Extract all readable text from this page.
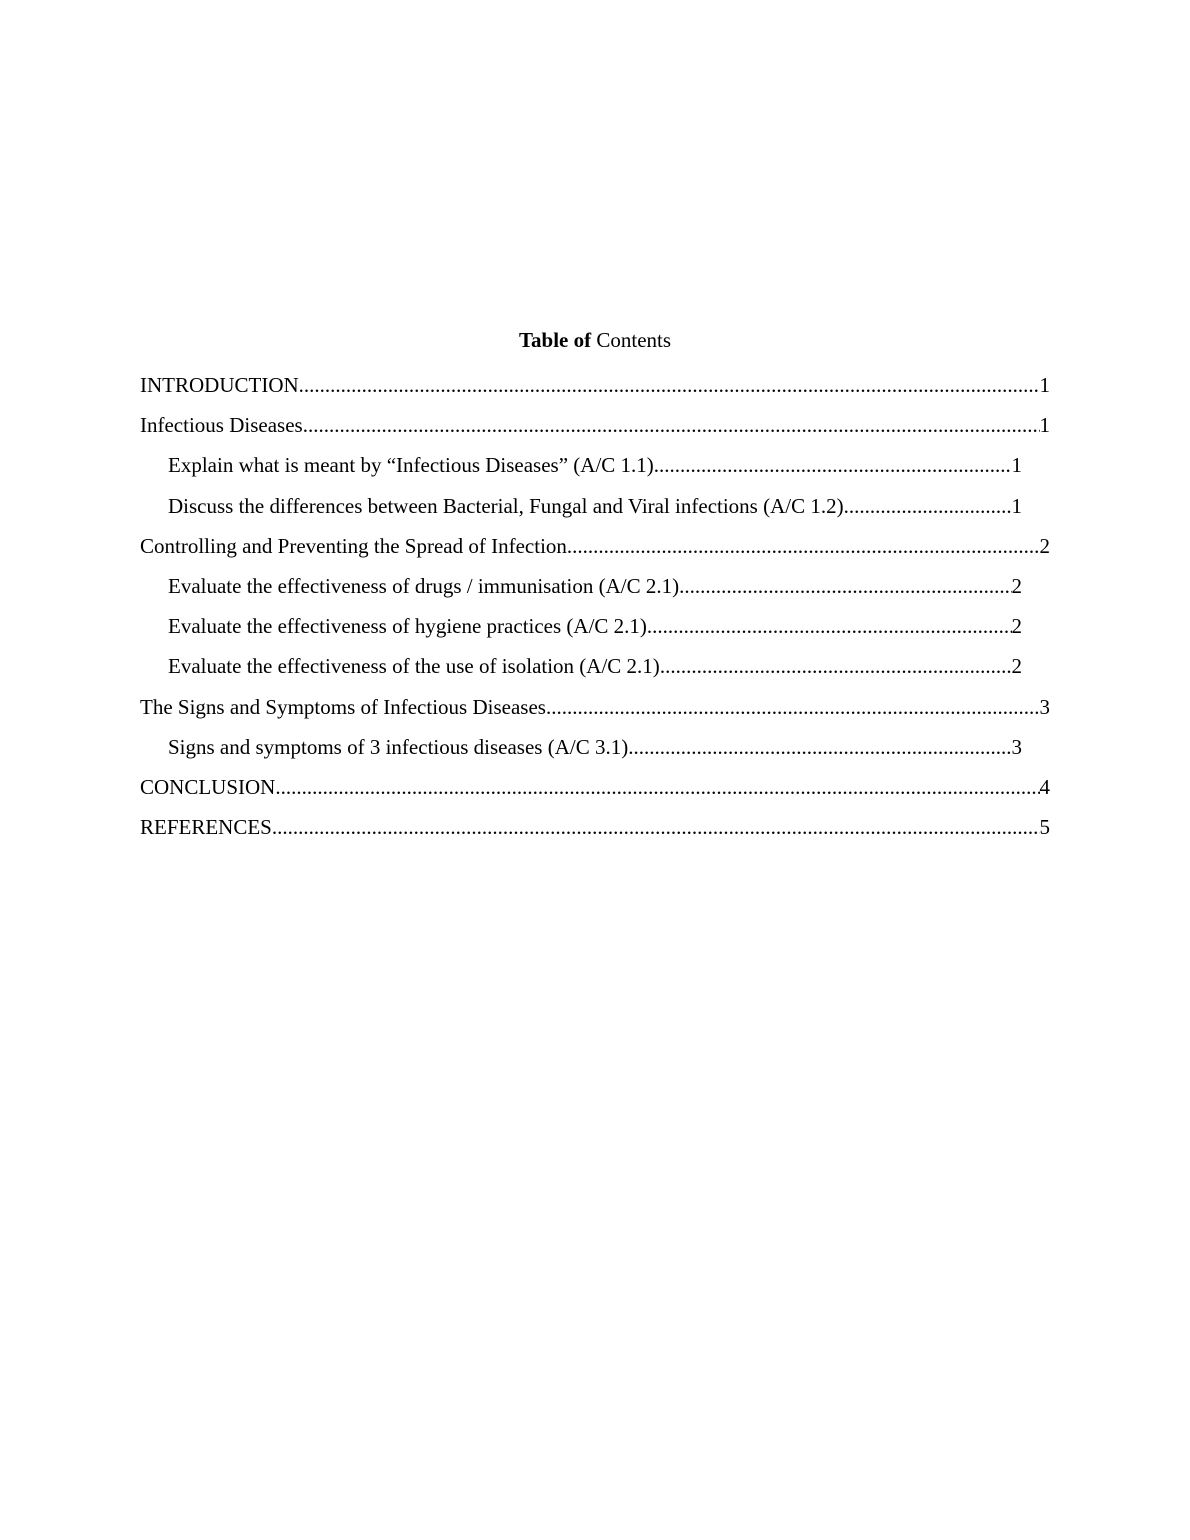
Table of Contents
INTRODUCTION .....	1
Infectious Diseases .....	1
Explain what is meant by “Infectious Diseases” (A/C 1.1) .....	1
Discuss the differences between Bacterial, Fungal and Viral infections (A/C 1.2) .....	1
Controlling and Preventing the Spread of Infection .....	2
Evaluate the effectiveness of drugs / immunisation (A/C 2.1) .....	2
Evaluate the effectiveness of hygiene practices (A/C 2.1) .....	2
Evaluate the effectiveness of the use of isolation (A/C 2.1) .....	2
The Signs and Symptoms of Infectious Diseases .....	3
Signs and symptoms of 3 infectious diseases (A/C 3.1) .....	3
CONCLUSION .....	4
REFERENCES .....	5
